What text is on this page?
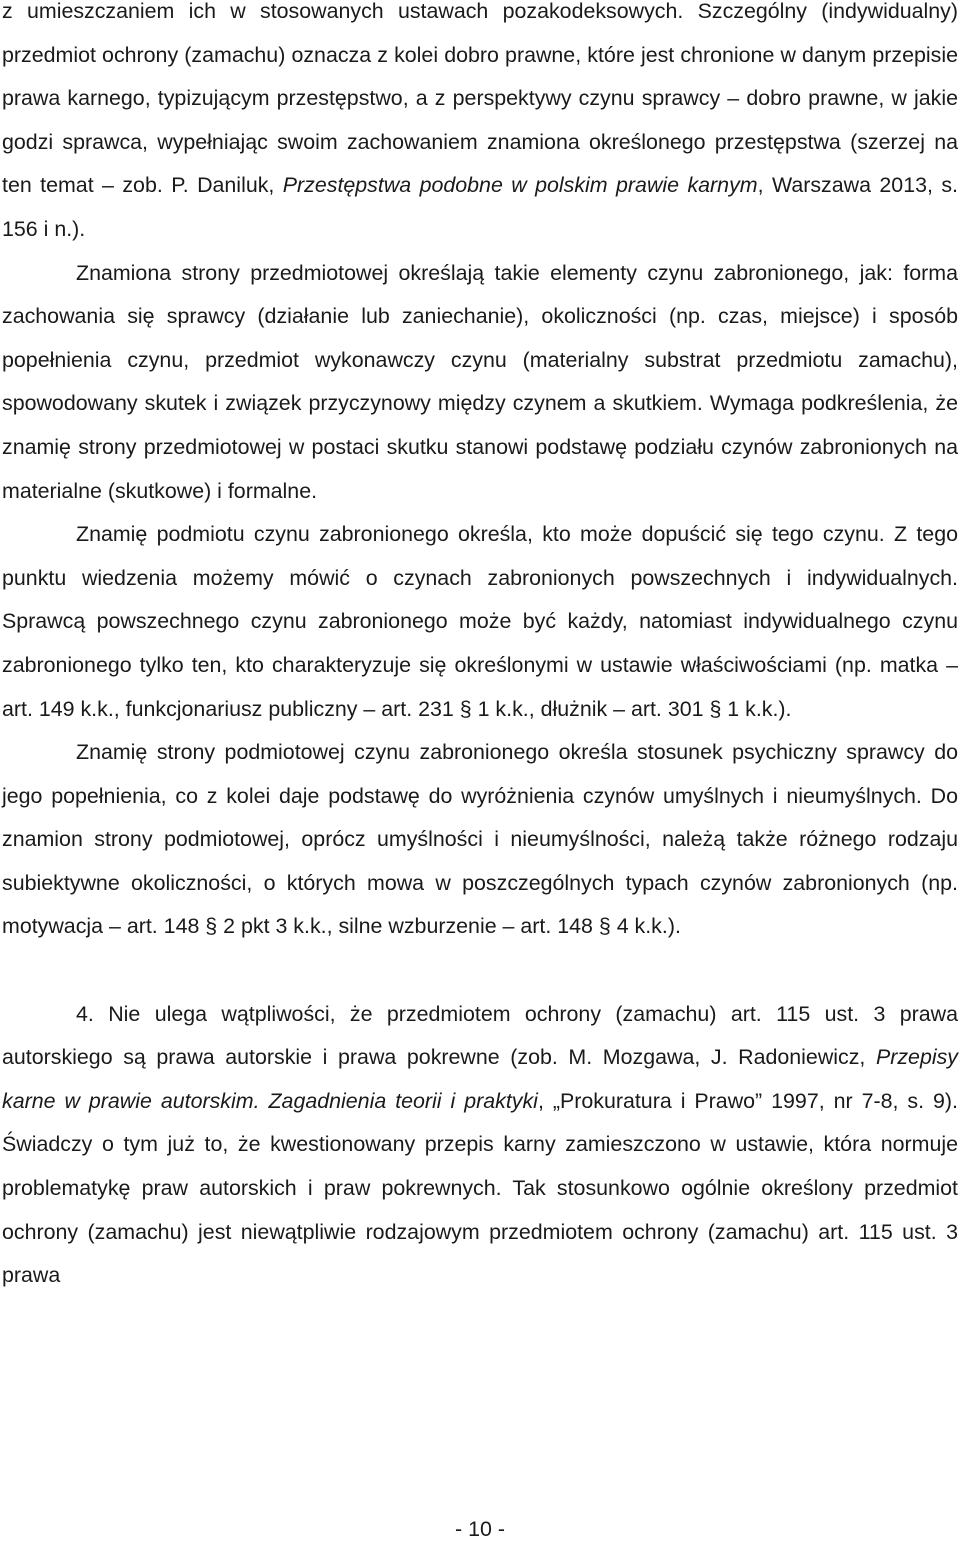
z umieszczaniem ich w stosowanych ustawach pozakodeksowych. Szczególny (indywidualny) przedmiot ochrony (zamachu) oznacza z kolei dobro prawne, które jest chronione w danym przepisie prawa karnego, typizującym przestępstwo, a z perspektywy czynu sprawcy – dobro prawne, w jakie godzi sprawca, wypełniając swoim zachowaniem znamiona określonego przestępstwa (szerzej na ten temat – zob. P. Daniluk, Przestępstwa podobne w polskim prawie karnym, Warszawa 2013, s. 156 i n.).

Znamiona strony przedmiotowej określają takie elementy czynu zabronionego, jak: forma zachowania się sprawcy (działanie lub zaniechanie), okoliczności (np. czas, miejsce) i sposób popełnienia czynu, przedmiot wykonawczy czynu (materialny substrat przedmiotu zamachu), spowodowany skutek i związek przyczynowy między czynem a skutkiem. Wymaga podkreślenia, że znamię strony przedmiotowej w postaci skutku stanowi podstawę podziału czynów zabronionych na materialne (skutkowe) i formalne.

Znamię podmiotu czynu zabronionego określa, kto może dopuścić się tego czynu. Z tego punktu wiedzenia możemy mówić o czynach zabronionych powszechnych i indywidualnych. Sprawcą powszechnego czynu zabronionego może być każdy, natomiast indywidualnego czynu zabronionego tylko ten, kto charakteryzuje się określonymi w ustawie właściwościami (np. matka – art. 149 k.k., funkcjonariusz publiczny – art. 231 § 1 k.k., dłużnik – art. 301 § 1 k.k.).

Znamię strony podmiotowej czynu zabronionego określa stosunek psychiczny sprawcy do jego popełnienia, co z kolei daje podstawę do wyróżnienia czynów umyślnych i nieumyślnych. Do znamion strony podmiotowej, oprócz umyślności i nieumyślności, należą także różnego rodzaju subiektywne okoliczności, o których mowa w poszczególnych typach czynów zabronionych (np. motywacja – art. 148 § 2 pkt 3 k.k., silne wzburzenie – art. 148 § 4 k.k.).

4. Nie ulega wątpliwości, że przedmiotem ochrony (zamachu) art. 115 ust. 3 prawa autorskiego są prawa autorskie i prawa pokrewne (zob. M. Mozgawa, J. Radoniewicz, Przepisy karne w prawie autorskim. Zagadnienia teorii i praktyki, „Prokuratura i Prawo” 1997, nr 7-8, s. 9). Świadczy o tym już to, że kwestionowany przepis karny zamieszczono w ustawie, która normuje problematykę praw autorskich i praw pokrewnych. Tak stosunkowo ogólnie określony przedmiot ochrony (zamachu) jest niewątpliwie rodzajowym przedmiotem ochrony (zamachu) art. 115 ust. 3 prawa

- 10 -
